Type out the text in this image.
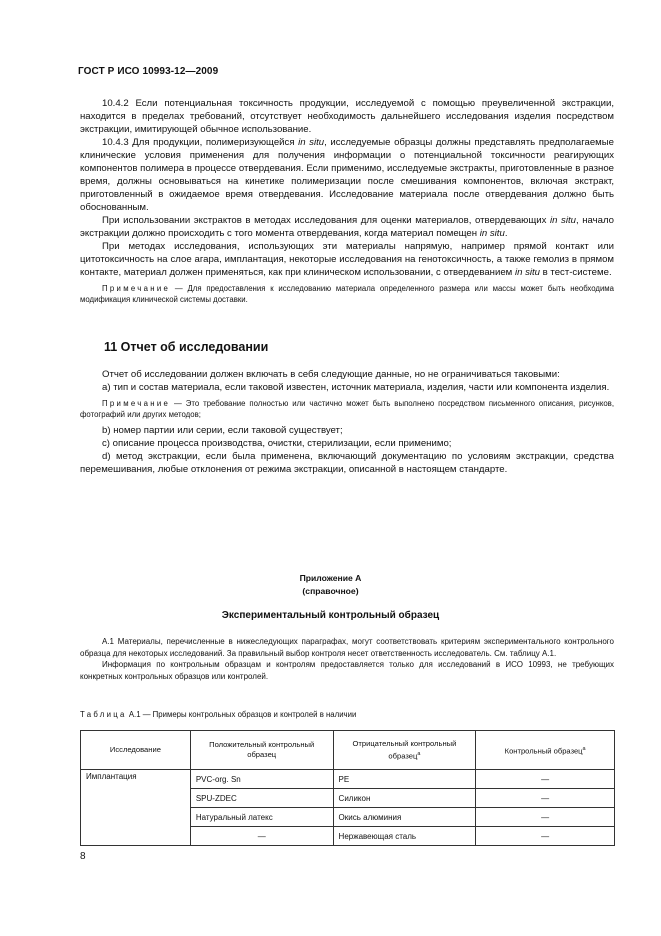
ГОСТ Р ИСО 10993-12—2009

10.4.2 Если потенциальная токсичность продукции, исследуемой с помощью преувеличенной экстракции, находится в пределах требований, отсутствует необходимость дальнейшего исследования изделия посредством экстракции, имитирующей обычное использование.

10.4.3 Для продукции, полимеризующейся in situ, исследуемые образцы должны представлять предполагаемые клинические условия применения для получения информации о потенциальной токсичности реагирующих компонентов полимера в процессе отвердевания. Если применимо, исследуемые экстракты, приготовленные в разное время, должны основываться на кинетике полимеризации после смешивания компонентов, включая экстракт, приготовленный в ожидаемое время отвердевания. Исследование материала после отвердевания должно быть обоснованным.

При использовании экстрактов в методах исследования для оценки материалов, отвердевающих in situ, начало экстракции должно происходить с того момента отвердевания, когда материал помещен in situ.

При методах исследования, использующих эти материалы напрямую, например прямой контакт или цитотоксичность на слое агара, имплантация, некоторые исследования на генотоксичность, а также гемолиз в прямом контакте, материал должен применяться, как при клиническом использовании, с отвердеванием in situ в тест-системе.

Примечание — Для предоставления к исследованию материала определенного размера или массы может быть необходима модификация клинической системы доставки.

11 Отчет об исследовании

Отчет об исследовании должен включать в себя следующие данные, но не ограничиваться таковыми:

а) тип и состав материала, если таковой известен, источник материала, изделия, части или компонента изделия.

Примечание — Это требование полностью или частично может быть выполнено посредством письменного описания, рисунков, фотографий или других методов;

b) номер партии или серии, если таковой существует;

с) описание процесса производства, очистки, стерилизации, если применимо;

d) метод экстракции, если была применена, включающий документацию по условиям экстракции, средства перемешивания, любые отклонения от режима экстракции, описанной в настоящем стандарте.

Приложение А
(справочное)
Экспериментальный контрольный образец

А.1 Материалы, перечисленные в нижеследующих параграфах, могут соответствовать критериям экспериментального контрольного образца для некоторых исследований. За правильный выбор контроля несет ответственность исследователь. См. таблицу А.1.

Информация по контрольным образцам и контролям предоставляется только для исследований в ИСО 10993, не требующих конкретных контрольных образцов или контролей.

Таблица А.1 — Примеры контрольных образцов и контролей в наличии
Исследование	Положительный контрольный образец	Отрицательный контрольный образец$^a$	Контрольный образец$^a$
Имплантация	PVC-org. Sn	PE	—
	SPU-ZDEC	Силикон	—
	Натуральный латекс	Окись алюминия	—
	—	Нержавеющая сталь	—
8
